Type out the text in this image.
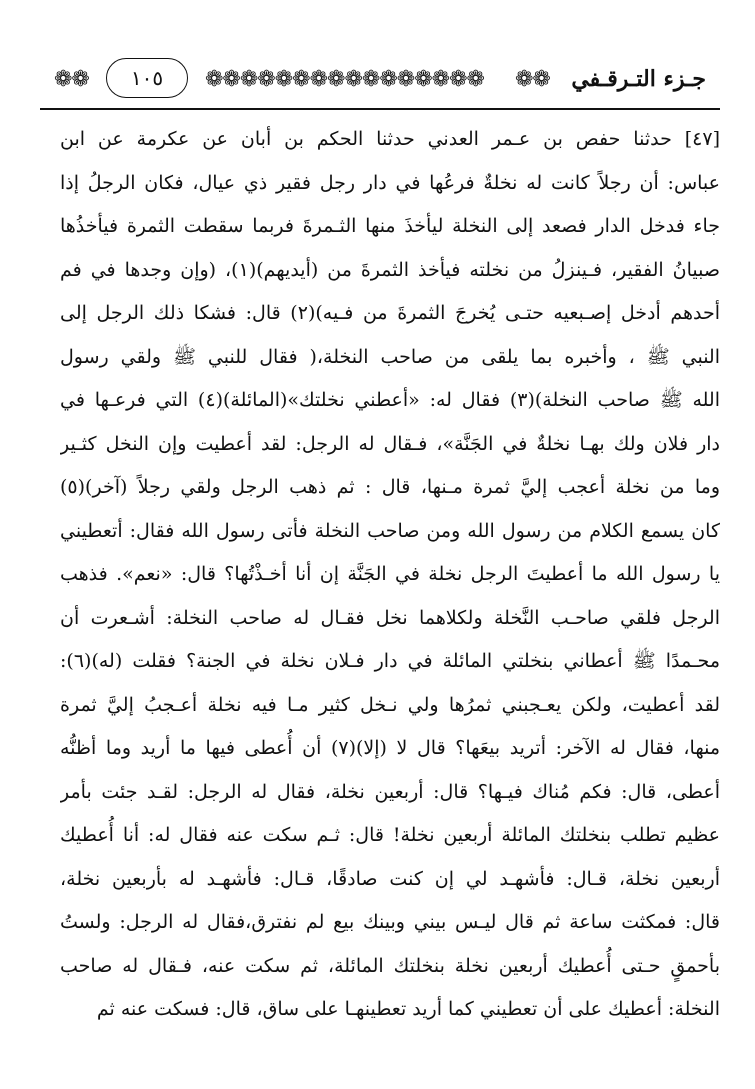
❁❁	١٠٥	❁❁❁❁❁❁❁❁❁❁❁❁❁❁❁❁	❁❁ جـزء التـرقـفي
[٤٧] حدثنا حفص بن عـمر العدني حدثنا الحكم بن أبان عن عكرمة عن ابن
عباس: أن رجلاً كانت له نخلةٌ فرعُها في دار رجل فقير ذي عيال، فكان الرجلُ إذا
جاء فدخل الدار فصعد إلى النخلة ليأخذَ منها الثـمرةَ فربما سقطت الثمرة فيأخذُها
صبيانُ الفقير، فـينزلُ من نخلته فيأخذ الثمرةَ من (أيديهم)(١)، (وإن وجدها في فم
أحدهم أدخل إصـبعيه حتـى يُخرجَ الثمرةَ من فـيه)(٢) قال: فشكا ذلك الرجل إلى
النبي ﷺ ، وأخبره بما يلقى من صاحب النخلة،( فقال للنبي ﷺ ولقي رسول
الله ﷺ صاحب النخلة)(٣) فقال له: «أعطني نخلتك»(المائلة)(٤) التي فرعـها في
دار فلان ولك بهـا نخلةٌ في الجَنَّة»، فـقال له الرجل: لقد أعطيت وإن النخل كثـير
وما من نخلة أعجب إليَّ ثمرة مـنها، قال : ثم ذهب الرجل ولقي رجلاً (آخر)(٥)
كان يسمع الكلام من رسول الله ومن صاحب النخلة فأتى رسول الله فقال: أتعطيني
يا رسول الله ما أعطيتَ الرجل نخلة في الجَنَّة إن أنا أخـذْتُها؟ قال: «نعم». فذهب
الرجل فلقي صاحـب النَّخلة ولكلاهما نخل فقـال له صاحب النخلة: أشـعرت أن
محـمدًا ﷺ أعطاني بنخلتي المائلة في دار فـلان نخلة في الجنة؟ فقلت (له)(٦):
لقد أعطيت، ولكن يعـجبني ثمرُها ولي نـخل كثير مـا فيه نخلة أعـجبُ إليَّ ثمرة
منها، فقال له الآخر: أتريد بيعَها؟ قال لا (إلا)(٧) أن أُعطى فيها ما أريد وما أظنُّه
أعطى، قال: فكم مُناك فيـها؟ قال: أربعين نخلة، فقال له الرجل: لقـد جئت بأمر
عظيم تطلب بنخلتك المائلة أربعين نخلة! قال: ثـم سكت عنه فقال له: أنا أُعطيك
أربعين نخلة، قـال: فأشهـد لي إن كنت صادقًا، قـال: فأشهـد له بأربعين نخلة،
قال: فمكثت ساعة ثم قال ليـس بيني وبينك بيع لم نفترق،فقال له الرجل: ولستُ
بأحمقٍ حـتى أُعطيك أربعين نخلة بنخلتك المائلة، ثم سكت عنه، فـقال له صاحب
النخلة: أعطيك على أن تعطيني كما أريد تعطينهـا على ساق، قال: فسكت عنه ثم
